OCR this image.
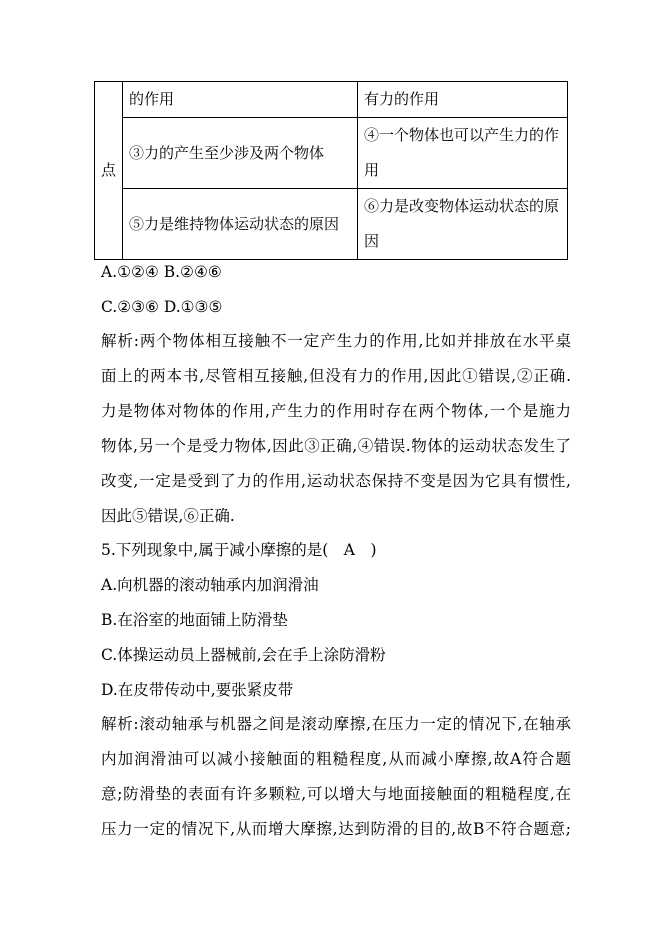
点	的作用	有力的作用
	③力的产生至少涉及两个物体	④一个物体也可以产生力的作用
	⑤力是维持物体运动状态的原因	⑥力是改变物体运动状态的原因
A.①②④ B.②④⑥
C.②③⑥ D.①③⑤
解析:两个物体相互接触不一定产生力的作用,比如并排放在水平桌
面上的两本书,尽管相互接触,但没有力的作用,因此①错误,②正确.
力是物体对物体的作用,产生力的作用时存在两个物体,一个是施力
物体,另一个是受力物体,因此③正确,④错误.物体的运动状态发生了
改变,一定是受到了力的作用,运动状态保持不变是因为它具有惯性,
因此⑤错误,⑥正确.
5.下列现象中,属于减小摩擦的是(　A　)
A.向机器的滚动轴承内加润滑油
B.在浴室的地面铺上防滑垫
C.体操运动员上器械前,会在手上涂防滑粉
D.在皮带传动中,要张紧皮带
解析:滚动轴承与机器之间是滚动摩擦,在压力一定的情况下,在轴承
内加润滑油可以减小接触面的粗糙程度,从而减小摩擦,故A符合题
意;防滑垫的表面有许多颗粒,可以增大与地面接触面的粗糙程度,在
压力一定的情况下,从而增大摩擦,达到防滑的目的,故B不符合题意;
